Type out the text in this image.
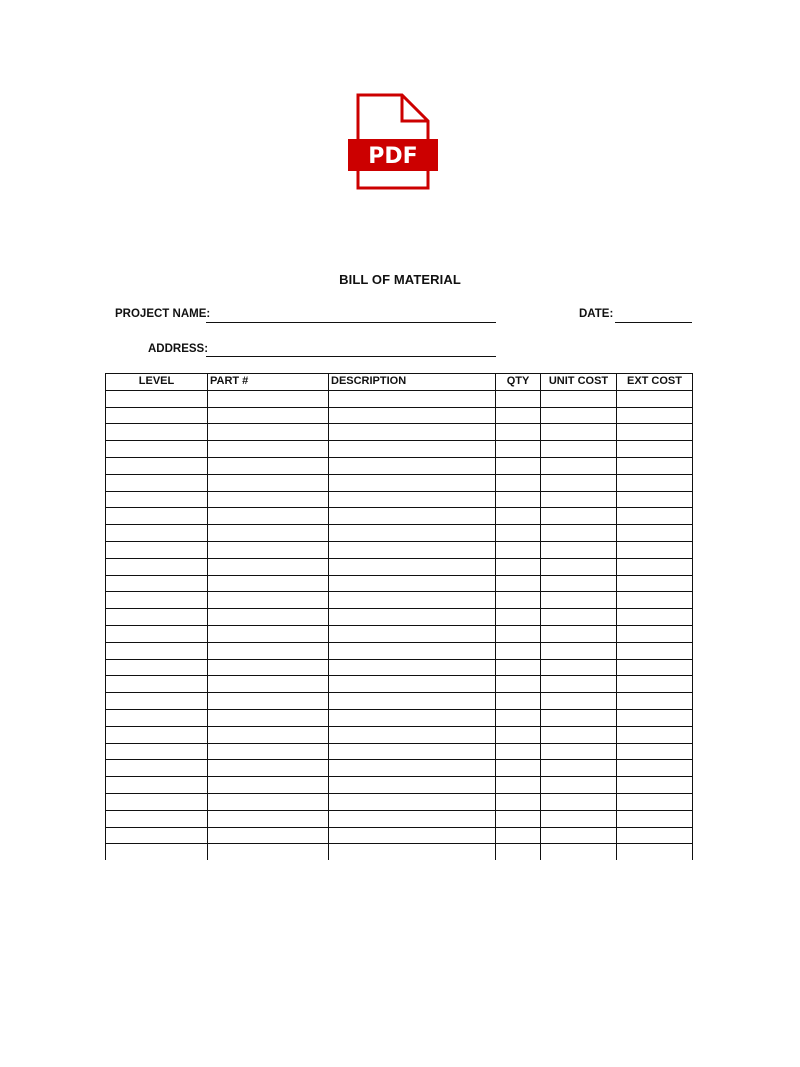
PDF
BILL OF MATERIAL
PROJECT NAME:	DATE:
ADDRESS:
LEVEL	PART #	DESCRIPTION	QTY	UNIT COST	EXT COST
